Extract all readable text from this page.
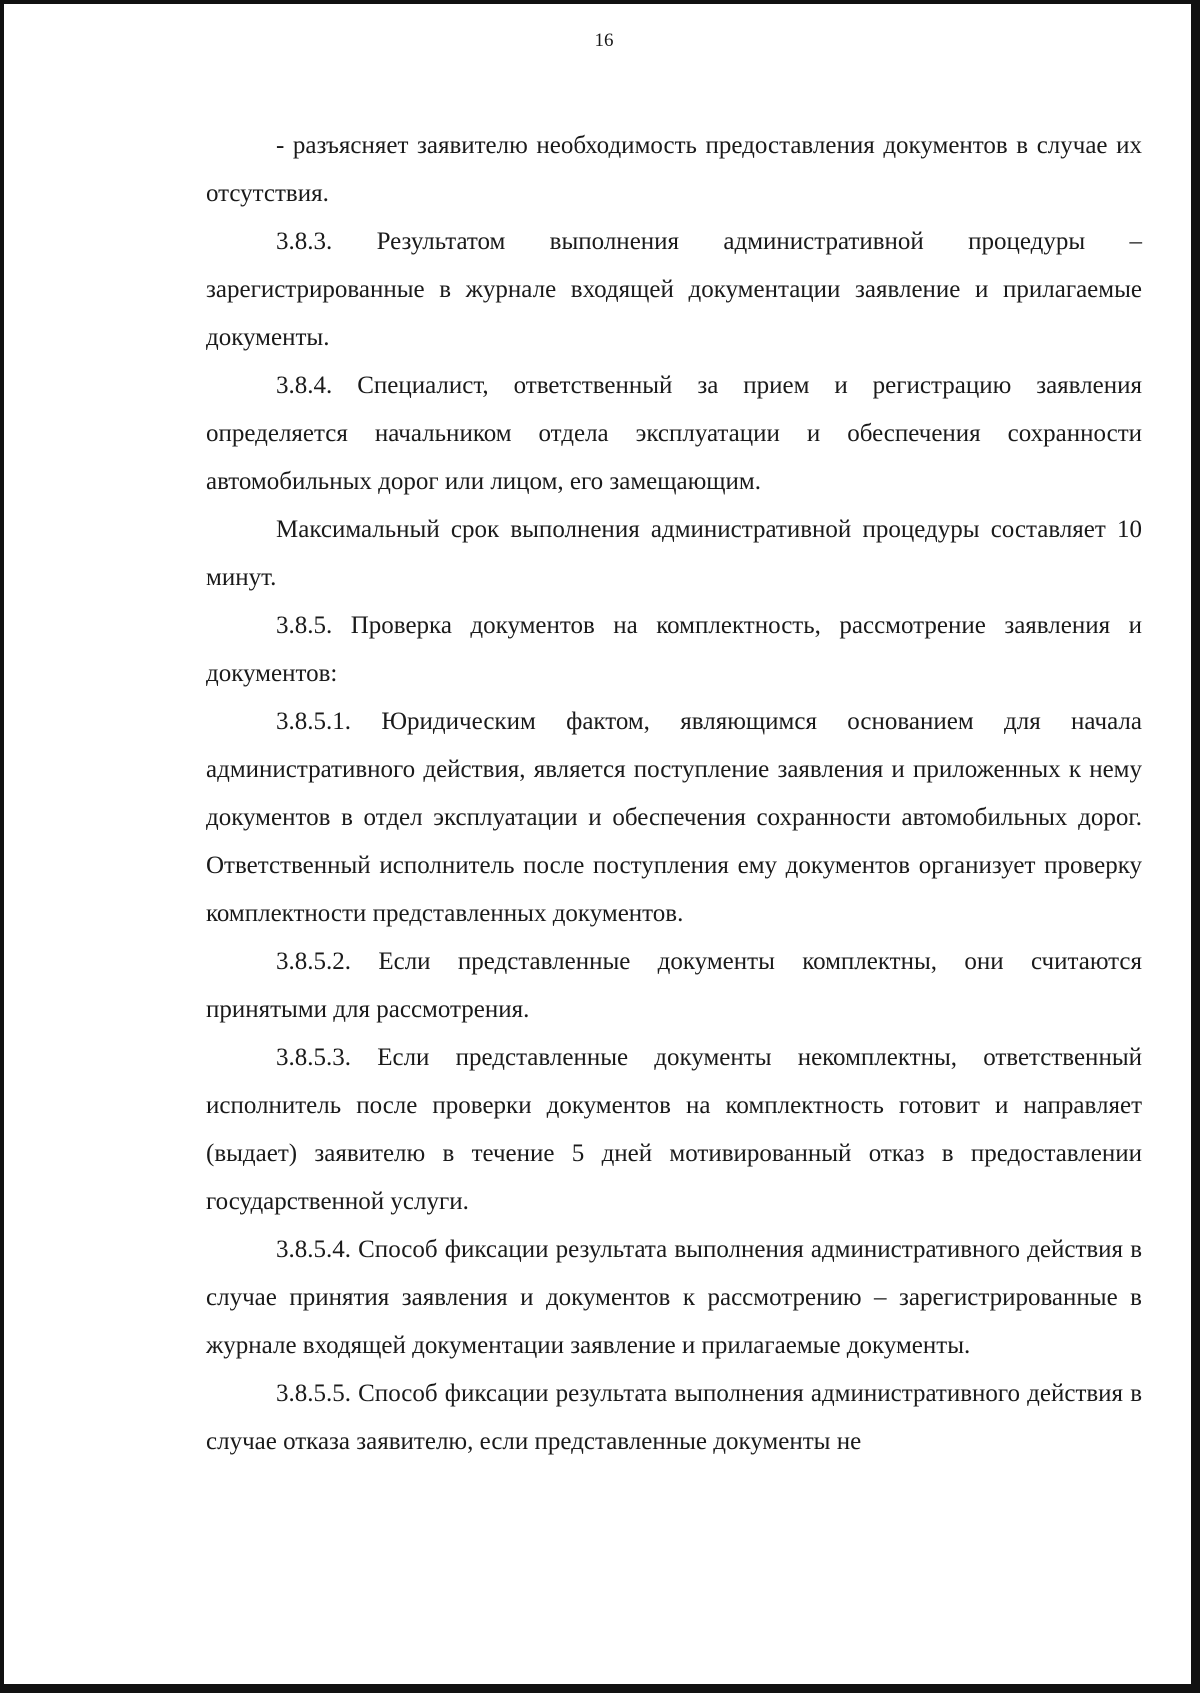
16

- разъясняет заявителю необходимость предоставления документов в случае их отсутствия.

3.8.3. Результатом выполнения административной процедуры – зарегистрированные в журнале входящей документации заявление и прилагаемые документы.

3.8.4. Специалист, ответственный за прием и регистрацию заявления определяется начальником отдела эксплуатации и обеспечения сохранности автомобильных дорог или лицом, его замещающим.

Максимальный срок выполнения административной процедуры составляет 10 минут.

3.8.5. Проверка документов на комплектность, рассмотрение заявления и документов:

3.8.5.1. Юридическим фактом, являющимся основанием для начала административного действия, является поступление заявления и приложенных к нему документов в отдел эксплуатации и обеспечения сохранности автомобильных дорог. Ответственный исполнитель после поступления ему документов организует проверку комплектности представленных документов.

3.8.5.2. Если представленные документы комплектны, они считаются принятыми для рассмотрения.

3.8.5.3. Если представленные документы некомплектны, ответственный исполнитель после проверки документов на комплектность готовит и направляет (выдает) заявителю в течение 5 дней мотивированный отказ в предоставлении государственной услуги.

3.8.5.4. Способ фиксации результата выполнения административного действия в случае принятия заявления и документов к рассмотрению – зарегистрированные в журнале входящей документации заявление и прилагаемые документы.

3.8.5.5. Способ фиксации результата выполнения административного действия в случае отказа заявителю, если представленные документы не
